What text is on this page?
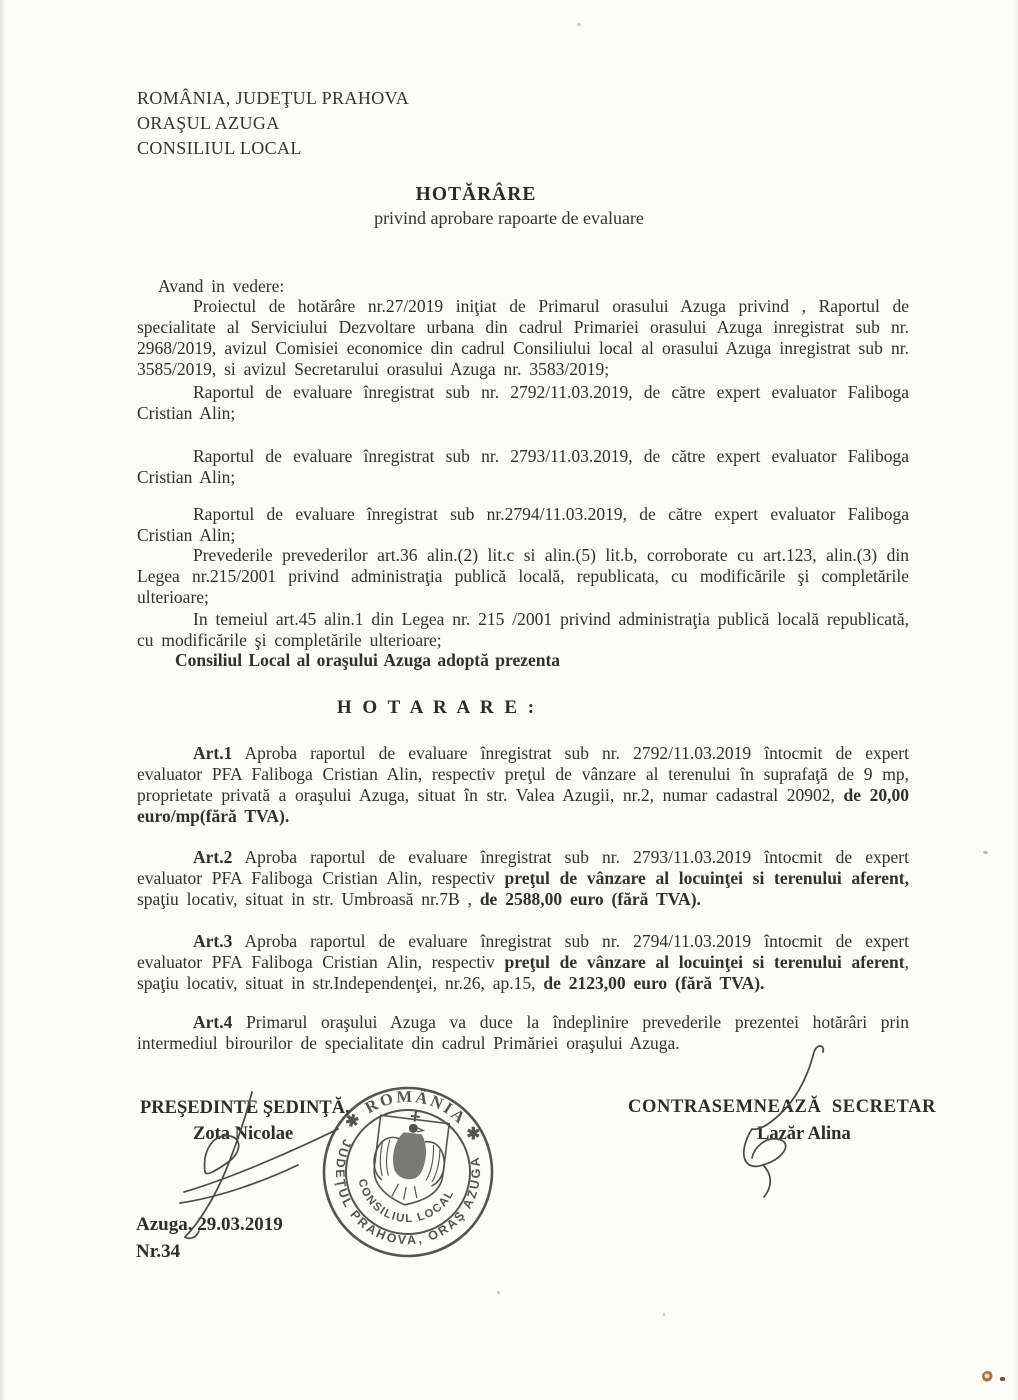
ROMÂNIA, JUDEŢUL PRAHOVA
ORAŞUL AZUGA
CONSILIUL LOCAL
HOTĂRÂRE
privind aprobare rapoarte de evaluare

Avand in vedere:

Proiectul de hotărâre nr.27/2019 iniţiat de Primarul orasului Azuga privind , Raportul de specialitate al Serviciului Dezvoltare urbana din cadrul Primariei orasului Azuga inregistrat sub nr. 2968/2019, avizul Comisiei economice din cadrul Consiliului local al orasului Azuga inregistrat sub nr. 3585/2019, si avizul Secretarului orasului Azuga nr. 3583/2019;

Raportul de evaluare înregistrat sub nr. 2792/11.03.2019, de către expert evaluator Faliboga Cristian Alin;

Raportul de evaluare înregistrat sub nr. 2793/11.03.2019, de către expert evaluator Faliboga Cristian Alin;

Raportul de evaluare înregistrat sub nr.2794/11.03.2019, de către expert evaluator Faliboga Cristian Alin;

Prevederile prevederilor art.36 alin.(2) lit.c si alin.(5) lit.b, corroborate cu art.123, alin.(3) din Legea nr.215/2001 privind administraţia publică locală, republicata, cu modificările şi completările ulterioare;

In temeiul art.45 alin.1 din Legea nr. 215 /2001 privind administraţia publică locală republicată, cu modificările şi completările ulterioare;

Consiliul Local al oraşului Azuga adoptă prezenta

H O T A R A R E :

Art.1 Aproba raportul de evaluare înregistrat sub nr. 2792/11.03.2019 întocmit de expert evaluator PFA Faliboga Cristian Alin, respectiv preţul de vânzare al terenului în suprafaţă de 9 mp, proprietate privată a oraşului Azuga, situat în str. Valea Azugii, nr.2, numar cadastral 20902, de 20,00 euro/mp(fără TVA).

Art.2 Aproba raportul de evaluare înregistrat sub nr. 2793/11.03.2019 întocmit de expert evaluator PFA Faliboga Cristian Alin, respectiv preţul de vânzare al locuinţei si terenului aferent, spaţiu locativ, situat in str. Umbroasă nr.7B , de 2588,00 euro (fără TVA).

Art.3 Aproba raportul de evaluare înregistrat sub nr. 2794/11.03.2019 întocmit de expert evaluator PFA Faliboga Cristian Alin, respectiv preţul de vânzare al locuinţei si terenului aferent, spaţiu locativ, situat in str.Independenţei, nr.26, ap.15, de 2123,00 euro (fără TVA).

Art.4 Primarul oraşului Azuga va duce la îndeplinire prevederile prezentei hotărâri prin intermediul birourilor de specialitate din cadrul Primăriei oraşului Azuga.

PREŞEDINTE ŞEDINŢĂ,
Zota Nicolae
CONTRASEMNEAZĂ  SECRETAR
Lazăr Alina
Azuga, 29.03.2019
Nr.34
✱ ROMÂNIA ✱
JUDEŢUL PRAHOVA, ORAŞ AZUGA
CONSILIUL LOCAL
